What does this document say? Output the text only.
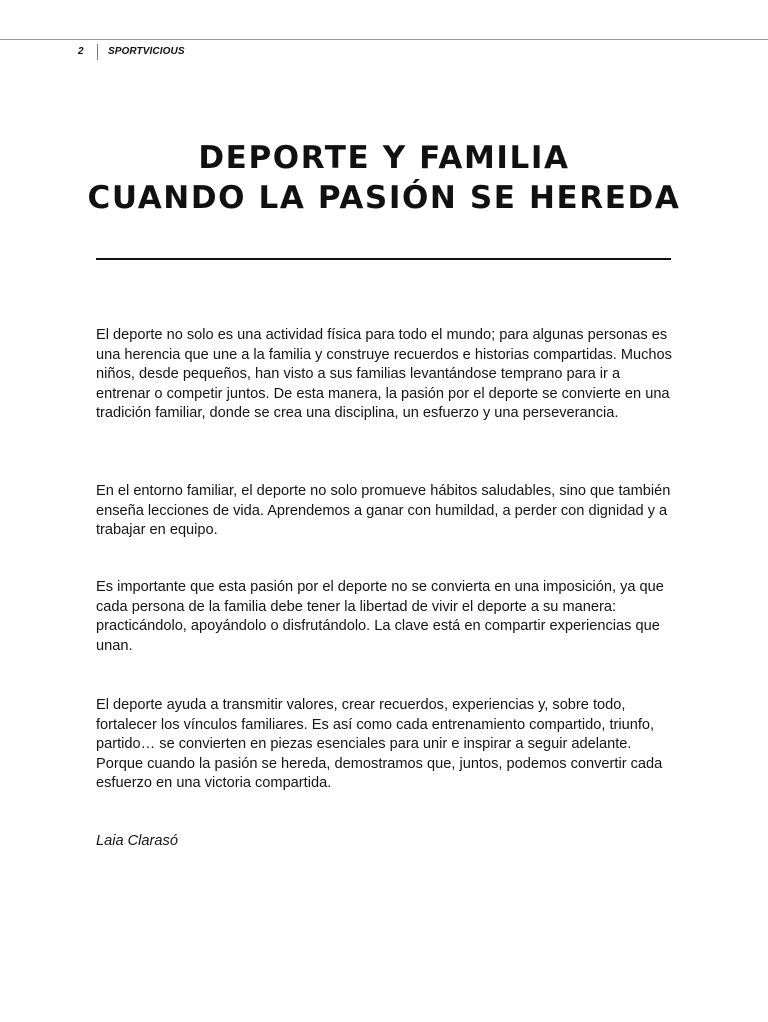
2 SPORTVICIOUS
DEPORTE Y FAMILIA
CUANDO LA PASIÓN SE HEREDA

El deporte no solo es una actividad física para todo el mundo; para algunas personas es una herencia que une a la familia y construye recuerdos e historias compartidas. Muchos niños, desde pequeños, han visto a sus familias levantándose temprano para ir a entrenar o competir juntos. De esta manera, la pasión por el deporte se convierte en una tradición familiar, donde se crea una disciplina, un esfuerzo y una perseverancia.

En el entorno familiar, el deporte no solo promueve hábitos saludables, sino que también enseña lecciones de vida. Aprendemos a ganar con humildad, a perder con dignidad y a trabajar en equipo.

Es importante que esta pasión por el deporte no se convierta en una imposición, ya que cada persona de la familia debe tener la libertad de vivir el deporte a su manera: practicándolo, apoyándolo o disfrutándolo. La clave está en compartir experiencias que unan.

El deporte ayuda a transmitir valores, crear recuerdos, experiencias y, sobre todo, fortalecer los vínculos familiares. Es así como cada entrenamiento compartido, triunfo, partido… se convierten en piezas esenciales para unir e inspirar a seguir adelante. Porque cuando la pasión se hereda, demostramos que, juntos, podemos convertir cada esfuerzo en una victoria compartida.

Laia Clarasó
